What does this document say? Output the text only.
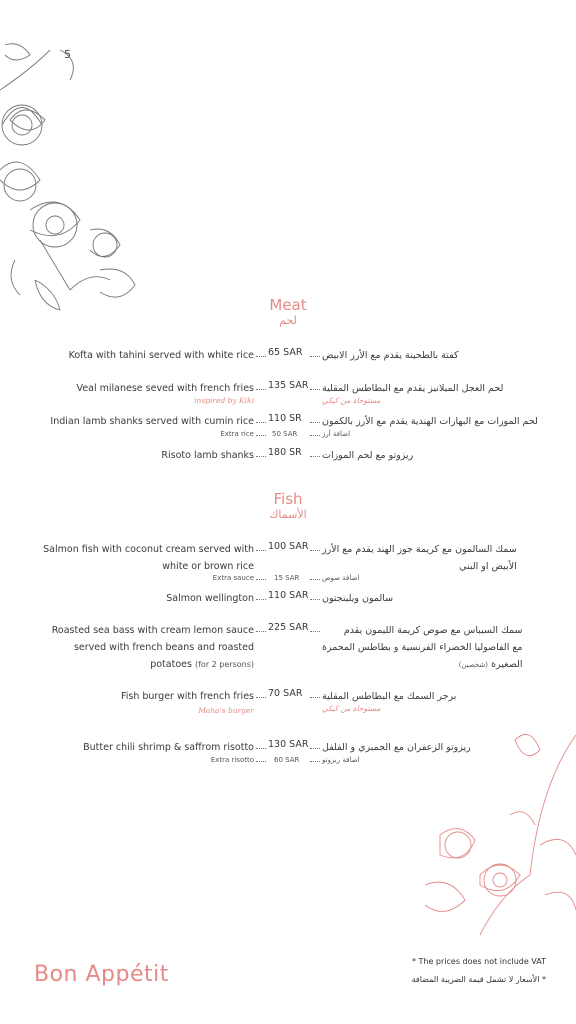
5
Meat
لحم
Kofta with tahini served with white rice 65 SAR كفتة بالطحينة يقدم مع الأرز الابيض
Veal milanese seved with french fries 135 SAR لحم العجل الميلانيز يقدم مع البطاطس المقلية
inspired by Kiki	مستوحاة من كيكي
Indian lamb shanks served with cumin rice 110 SR لحم الموزات مع البهارات الهندية يقدم مع الأرز بالكمون
Extra rice	50 SAR	اضافة أرز
Risoto lamb shanks 180 SR ريزوتو مع لحم الموزات
Fish
الأسماك
Salmon fish with coconut cream served with
white or brown rice
100 SAR سمك السالمون مع كريمة جوز الهند يقدم مع الأرز
الأبيض او البني
Extra sauce	15 SAR	اضافة صوص
Salmon wellington 110 SAR سالمون ويلينجتون
Roasted sea bass with cream lemon sauce
served with french beans and roasted
potatoes (for 2 persons)
225 SAR	سمك السيباس مع صوص كريمة الليمون يقدم
مع الفاصوليا الخضراء الفرنسية و بطاطس المحمرة
الصغيرة (شخصين)
Fish burger with french fries 70 SAR برجر السمك مع البطاطس المقلية
Maha's burger	مستوحاة من كيكي
Butter chili shrimp & saffrom risotto 130 SAR ريزوتو الزعفران مع الجمبري و الفلفل
Extra risotto	60 SAR	اضافة ريزوتو
Bon Appétit
* The prices does not include VAT
* الأسعار لا تشمل قيمة الضريبة المضافة
